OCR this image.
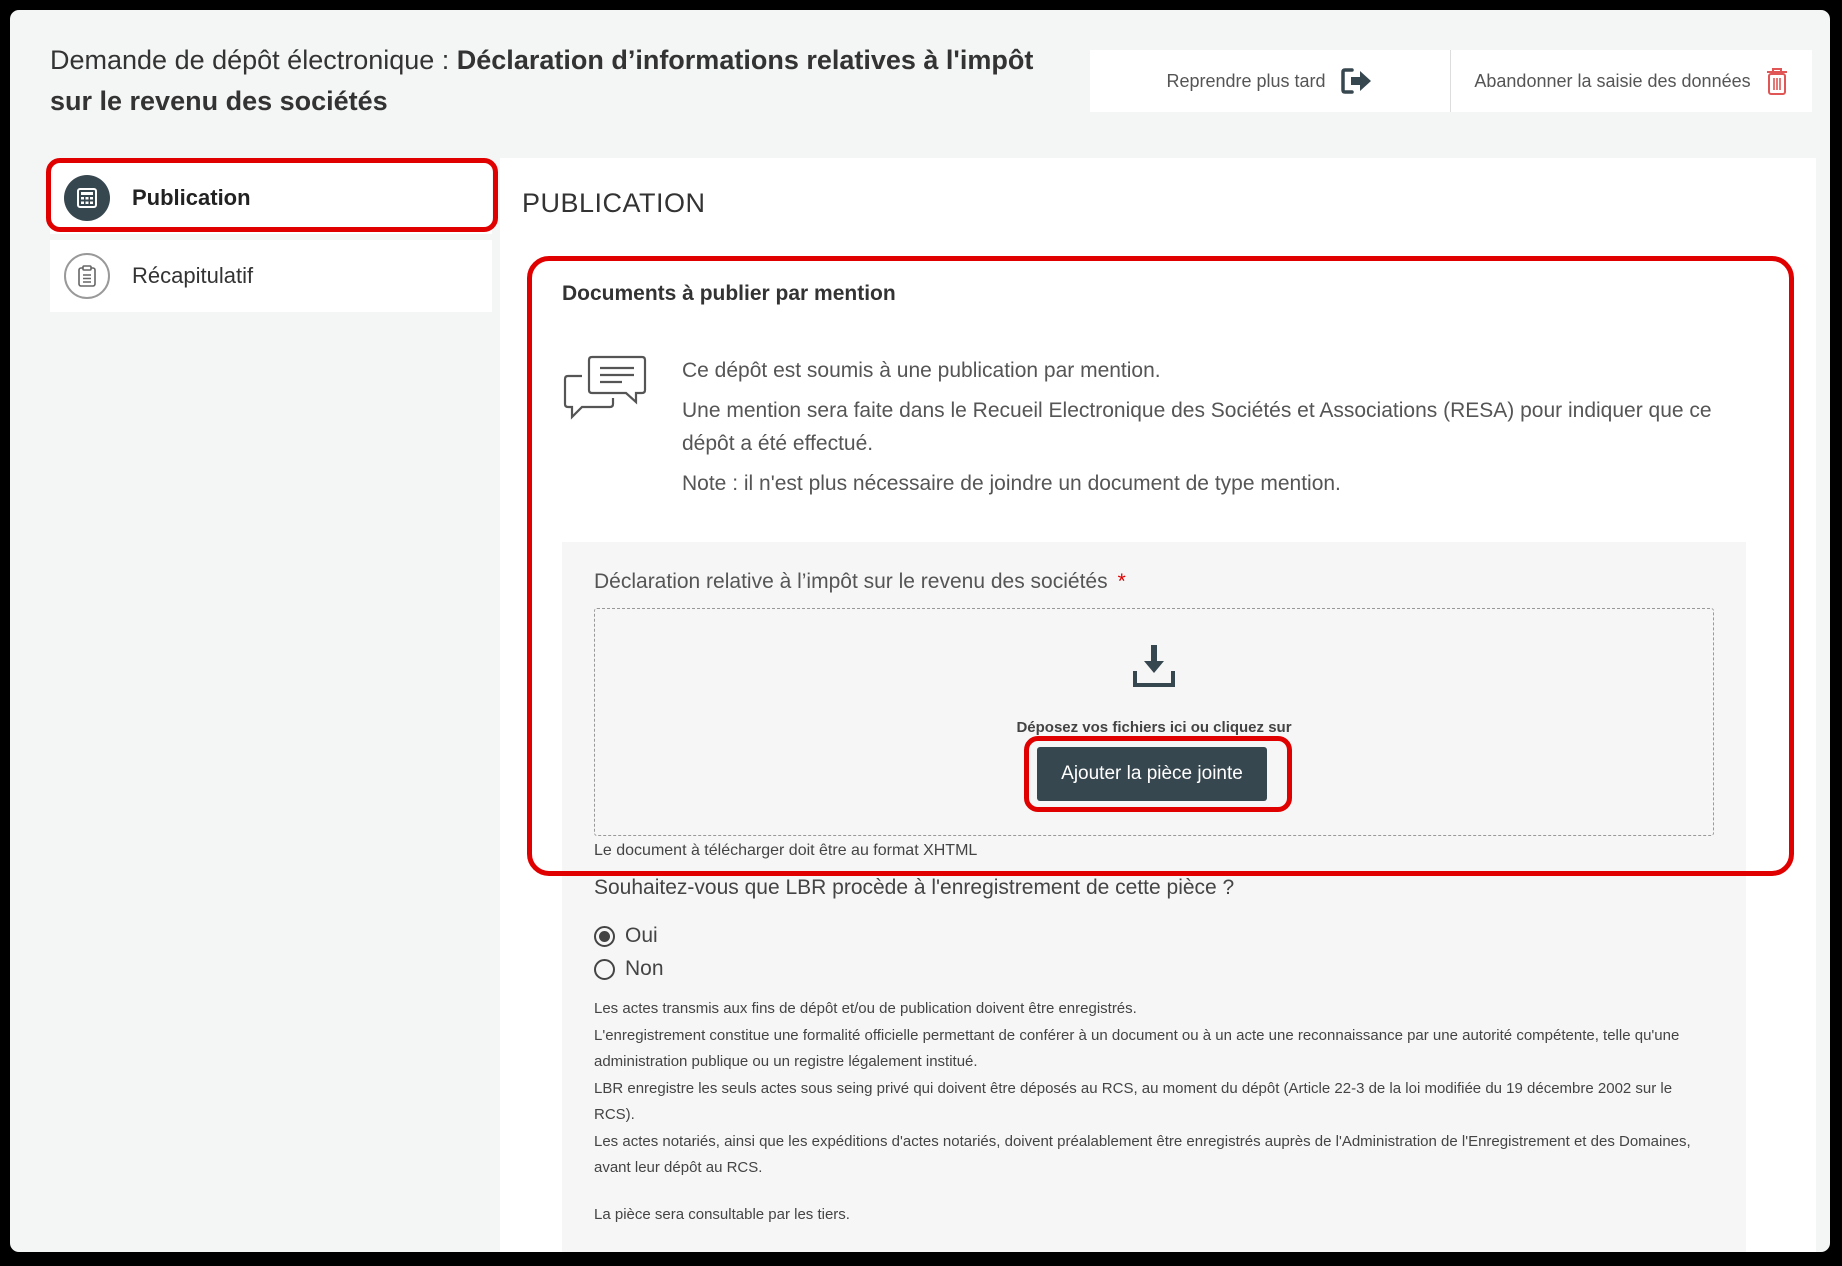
Demande de dépôt électronique : Déclaration d’informations relatives à l'impôt sur le revenu des sociétés
Reprendre plus tard	Abandonner la saisie des données
Publication
Récapitulatif
PUBLICATION
Documents à publier par mention

Ce dépôt est soumis à une publication par mention.

Une mention sera faite dans le Recueil Electronique des Sociétés et Associations (RESA) pour indiquer que ce dépôt a été effectué.

Note : il n'est plus nécessaire de joindre un document de type mention.

Déclaration relative à l’impôt sur le revenu des sociétés *
Déposez vos fichiers ici ou cliquez sur
Ajouter la pièce jointe
Le document à télécharger doit être au format XHTML
Souhaitez-vous que LBR procède à l'enregistrement de cette pièce ?
Oui
Non

Les actes transmis aux fins de dépôt et/ou de publication doivent être enregistrés.

L'enregistrement constitue une formalité officielle permettant de conférer à un document ou à un acte une reconnaissance par une autorité compétente, telle qu'une administration publique ou un registre légalement institué.

LBR enregistre les seuls actes sous seing privé qui doivent être déposés au RCS, au moment du dépôt (Article 22-3 de la loi modifiée du 19 décembre 2002 sur le RCS).

Les actes notariés, ainsi que les expéditions d'actes notariés, doivent préalablement être enregistrés auprès de l'Administration de l'Enregistrement et des Domaines, avant leur dépôt au RCS.

La pièce sera consultable par les tiers.
